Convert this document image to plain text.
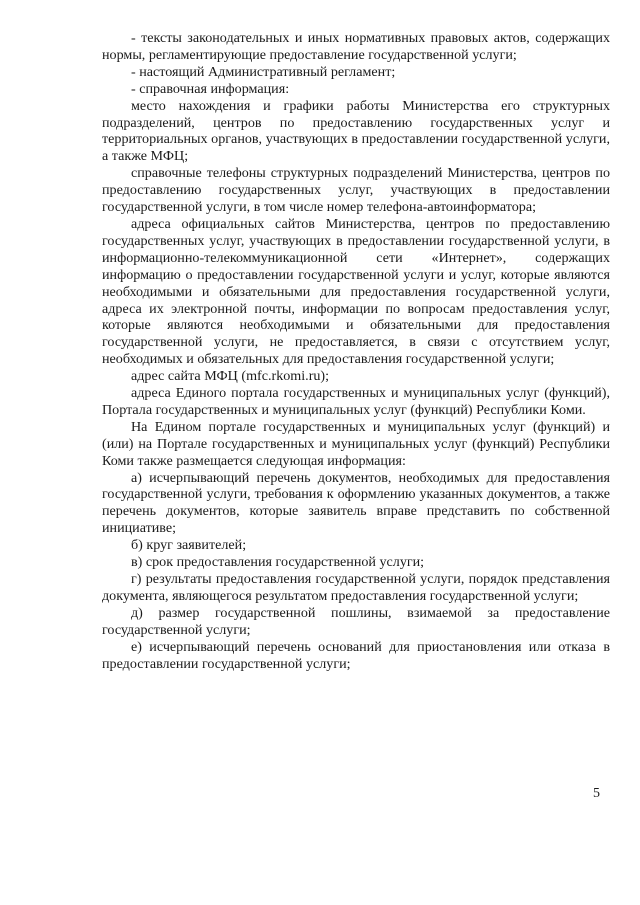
- тексты законодательных и иных нормативных правовых актов, содержащих нормы, регламентирующие предоставление государственной услуги;

- настоящий Административный регламент;

- справочная информация:

место нахождения и графики работы Министерства его структурных подразделений, центров по предоставлению государственных услуг и территориальных органов, участвующих в предоставлении государственной услуги, а также МФЦ;

справочные телефоны структурных подразделений Министерства, центров по предоставлению государственных услуг, участвующих в предоставлении государственной услуги, в том числе номер телефона-автоинформатора;

адреса официальных сайтов Министерства, центров по предоставлению государственных услуг, участвующих в предоставлении государственной услуги, в информационно-телекоммуникационной сети «Интернет», содержащих информацию о предоставлении государственной услуги и услуг, которые являются необходимыми и обязательными для предоставления государственной услуги, адреса их электронной почты, информации по вопросам предоставления услуг, которые являются необходимыми и обязательными для предоставления государственной услуги, не предоставляется, в связи с отсутствием услуг, необходимых и обязательных для предоставления государственной услуги;

адрес сайта МФЦ (mfc.rkomi.ru);

адреса Единого портала государственных и муниципальных услуг (функций), Портала государственных и муниципальных услуг (функций) Республики Коми.

На Едином портале государственных и муниципальных услуг (функций) и (или) на Портале государственных и муниципальных услуг (функций) Республики Коми также размещается следующая информация:

а) исчерпывающий перечень документов, необходимых для предоставления государственной услуги, требования к оформлению указанных документов, а также перечень документов, которые заявитель вправе представить по собственной инициативе;

б) круг заявителей;

в) срок предоставления государственной услуги;

г) результаты предоставления государственной услуги, порядок представления документа, являющегося результатом предоставления государственной услуги;

д) размер государственной пошлины, взимаемой за предоставление государственной услуги;

е) исчерпывающий перечень оснований для приостановления или отказа в предоставлении государственной услуги;

5
